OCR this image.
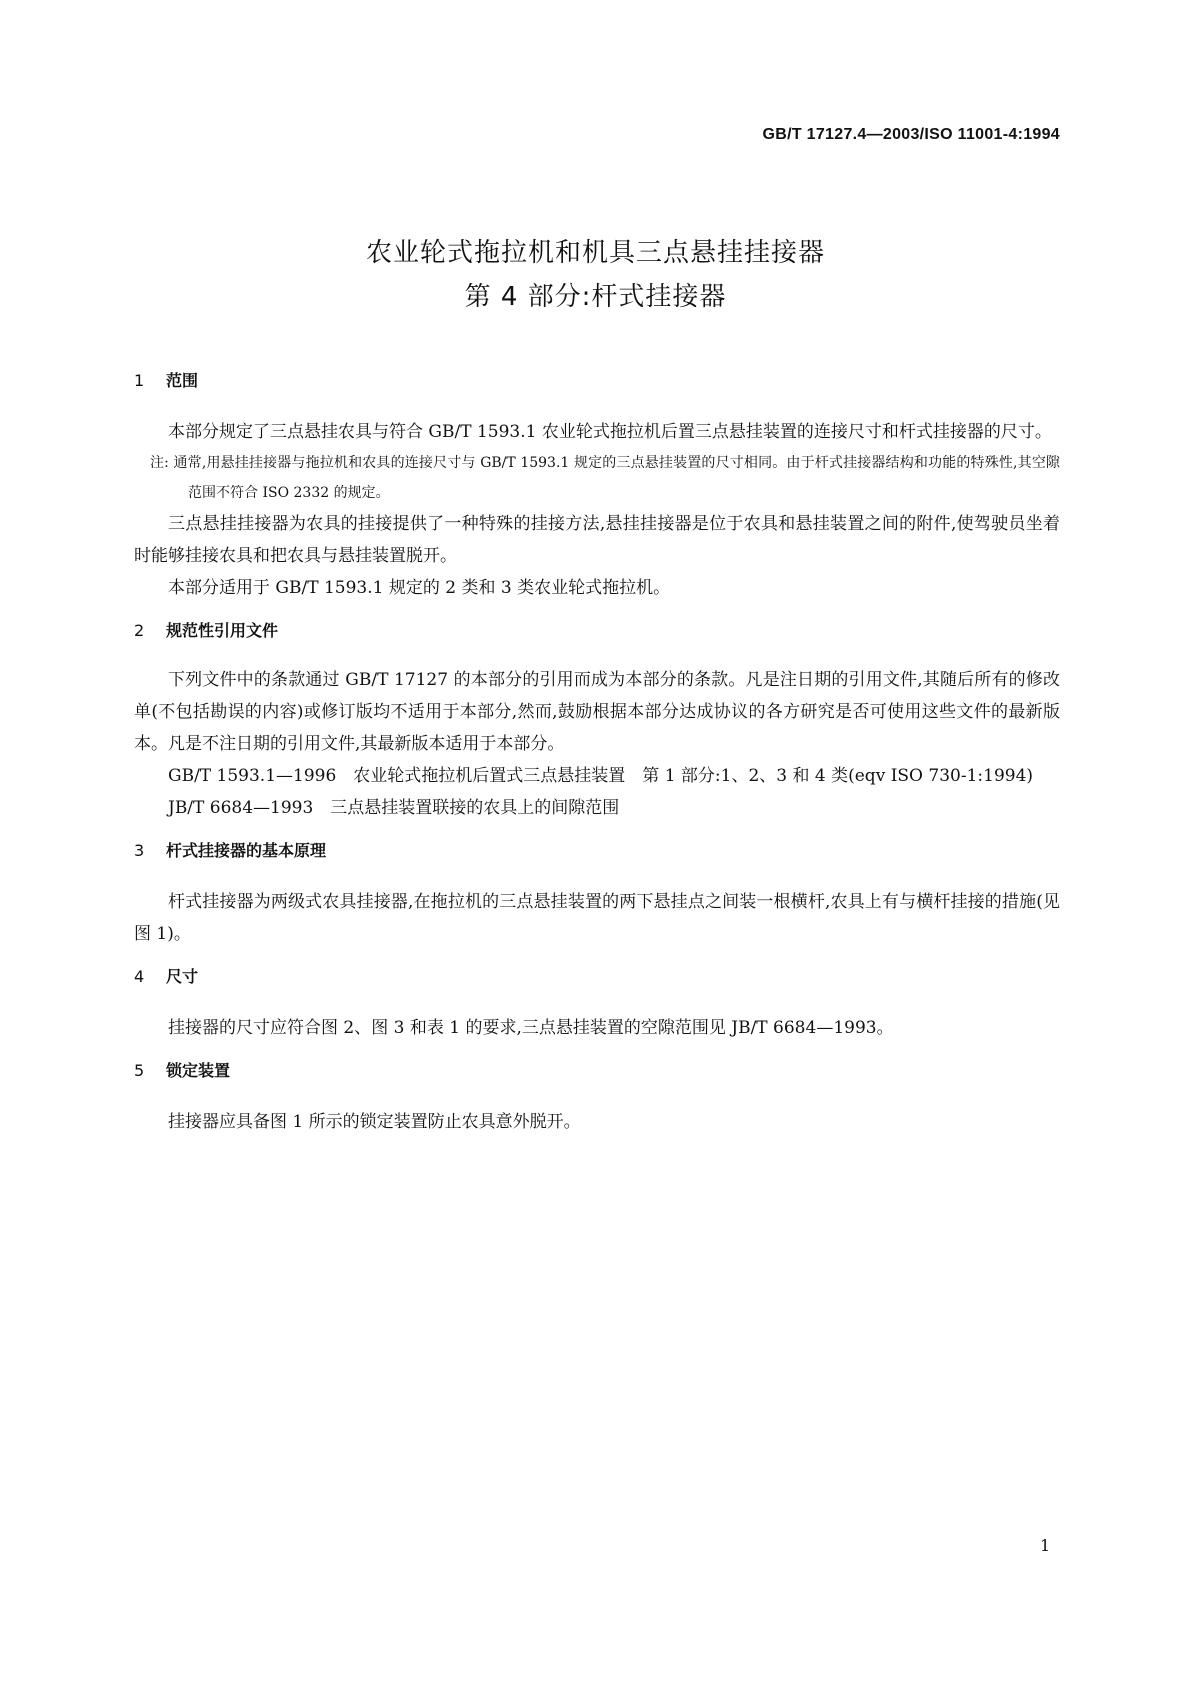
GB/T 17127.4—2003/ISO 11001-4:1994
农业轮式拖拉机和机具三点悬挂挂接器
第 4 部分:杆式挂接器
1 范围

本部分规定了三点悬挂农具与符合 GB/T 1593.1 农业轮式拖拉机后置三点悬挂装置的连接尺寸和杆式挂接器的尺寸。

注: 通常,用悬挂挂接器与拖拉机和农具的连接尺寸与 GB/T 1593.1 规定的三点悬挂装置的尺寸相同。由于杆式挂接器结构和功能的特殊性,其空隙范围不符合 ISO 2332 的规定。

三点悬挂挂接器为农具的挂接提供了一种特殊的挂接方法,悬挂挂接器是位于农具和悬挂装置之间的附件,使驾驶员坐着时能够挂接农具和把农具与悬挂装置脱开。

本部分适用于 GB/T 1593.1 规定的 2 类和 3 类农业轮式拖拉机。

2 规范性引用文件

下列文件中的条款通过 GB/T 17127 的本部分的引用而成为本部分的条款。凡是注日期的引用文件,其随后所有的修改单(不包括勘误的内容)或修订版均不适用于本部分,然而,鼓励根据本部分达成协议的各方研究是否可使用这些文件的最新版本。凡是不注日期的引用文件,其最新版本适用于本部分。

GB/T 1593.1—1996　农业轮式拖拉机后置式三点悬挂装置　第 1 部分:1、2、3 和 4 类(eqv ISO 730-1:1994)

JB/T 6684—1993　三点悬挂装置联接的农具上的间隙范围

3 杆式挂接器的基本原理

杆式挂接器为两级式农具挂接器,在拖拉机的三点悬挂装置的两下悬挂点之间装一根横杆,农具上有与横杆挂接的措施(见图 1)。

4 尺寸

挂接器的尺寸应符合图 2、图 3 和表 1 的要求,三点悬挂装置的空隙范围见 JB/T 6684—1993。

5 锁定装置

挂接器应具备图 1 所示的锁定装置防止农具意外脱开。

1
